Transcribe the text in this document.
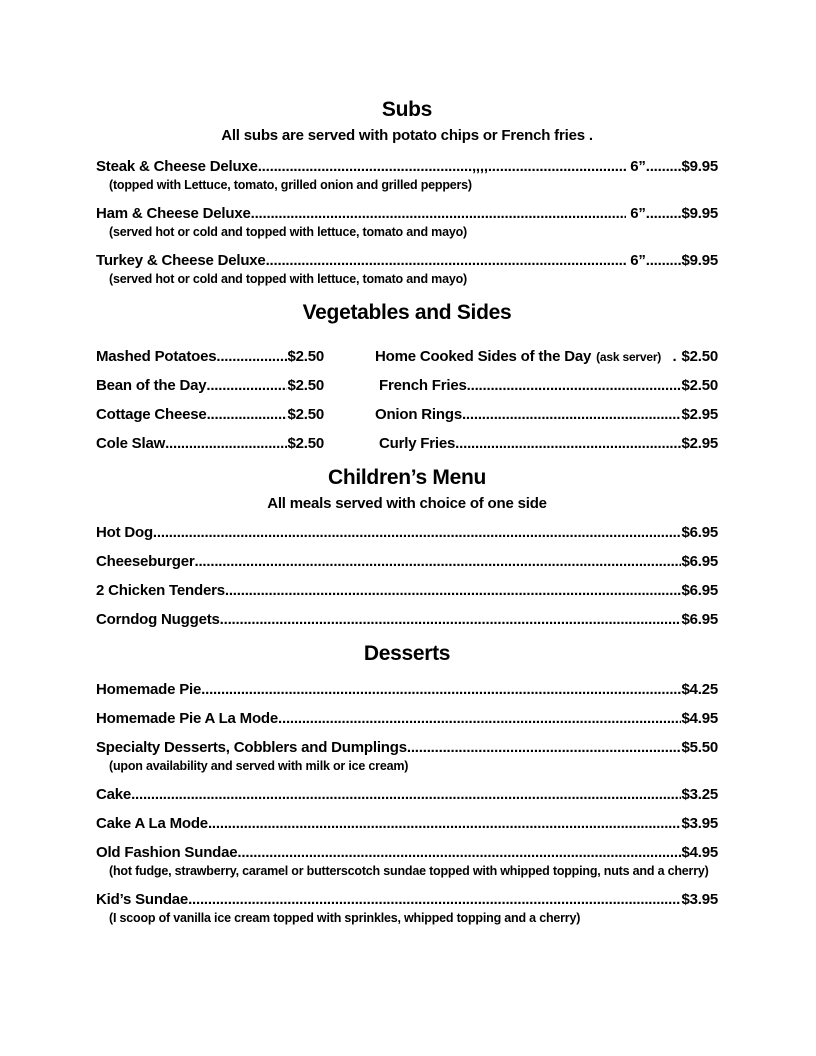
Subs

All subs are served with potato chips or French fries .

Steak & Cheese Deluxe ......................................................,,,,.........................................................................................................................................................................................................	6” ..... $9.95

(topped with Lettuce, tomato, grilled onion and grilled peppers)

Ham & Cheese Deluxe .....	6” ..... $9.95

(served hot or cold and topped with lettuce, tomato and mayo)

Turkey & Cheese Deluxe .....	6” ..... $9.95

(served hot or cold and topped with lettuce, tomato and mayo)

Vegetables and Sides
Mashed Potatoes .....	$2.50
Bean of the Day .....	$2.50
Cottage Cheese .....	$2.50
Cole Slaw .....	$2.50
Home Cooked Sides of the Day (ask server) . $2.50
French Fries .....	$2.50
Onion Rings .....	$2.95
Curly Fries .....	$2.95
Children’s Menu

All meals served with choice of one side

Hot Dog .....	$6.95
Cheeseburger .....	$6.95
2 Chicken Tenders .....	$6.95
Corndog Nuggets .....	$6.95
Desserts
Homemade Pie .....	$4.25
Homemade Pie A La Mode .....	$4.95
Specialty Desserts, Cobblers and Dumplings .....	$5.50

(upon availability and served with milk or ice cream)

Cake .....	$3.25
Cake A La Mode .....	$3.95
Old Fashion Sundae .....	$4.95

(hot fudge, strawberry, caramel or butterscotch sundae topped with whipped topping, nuts and a cherry)

Kid’s Sundae .....	$3.95

(I scoop of vanilla ice cream topped with sprinkles, whipped topping and a cherry)
